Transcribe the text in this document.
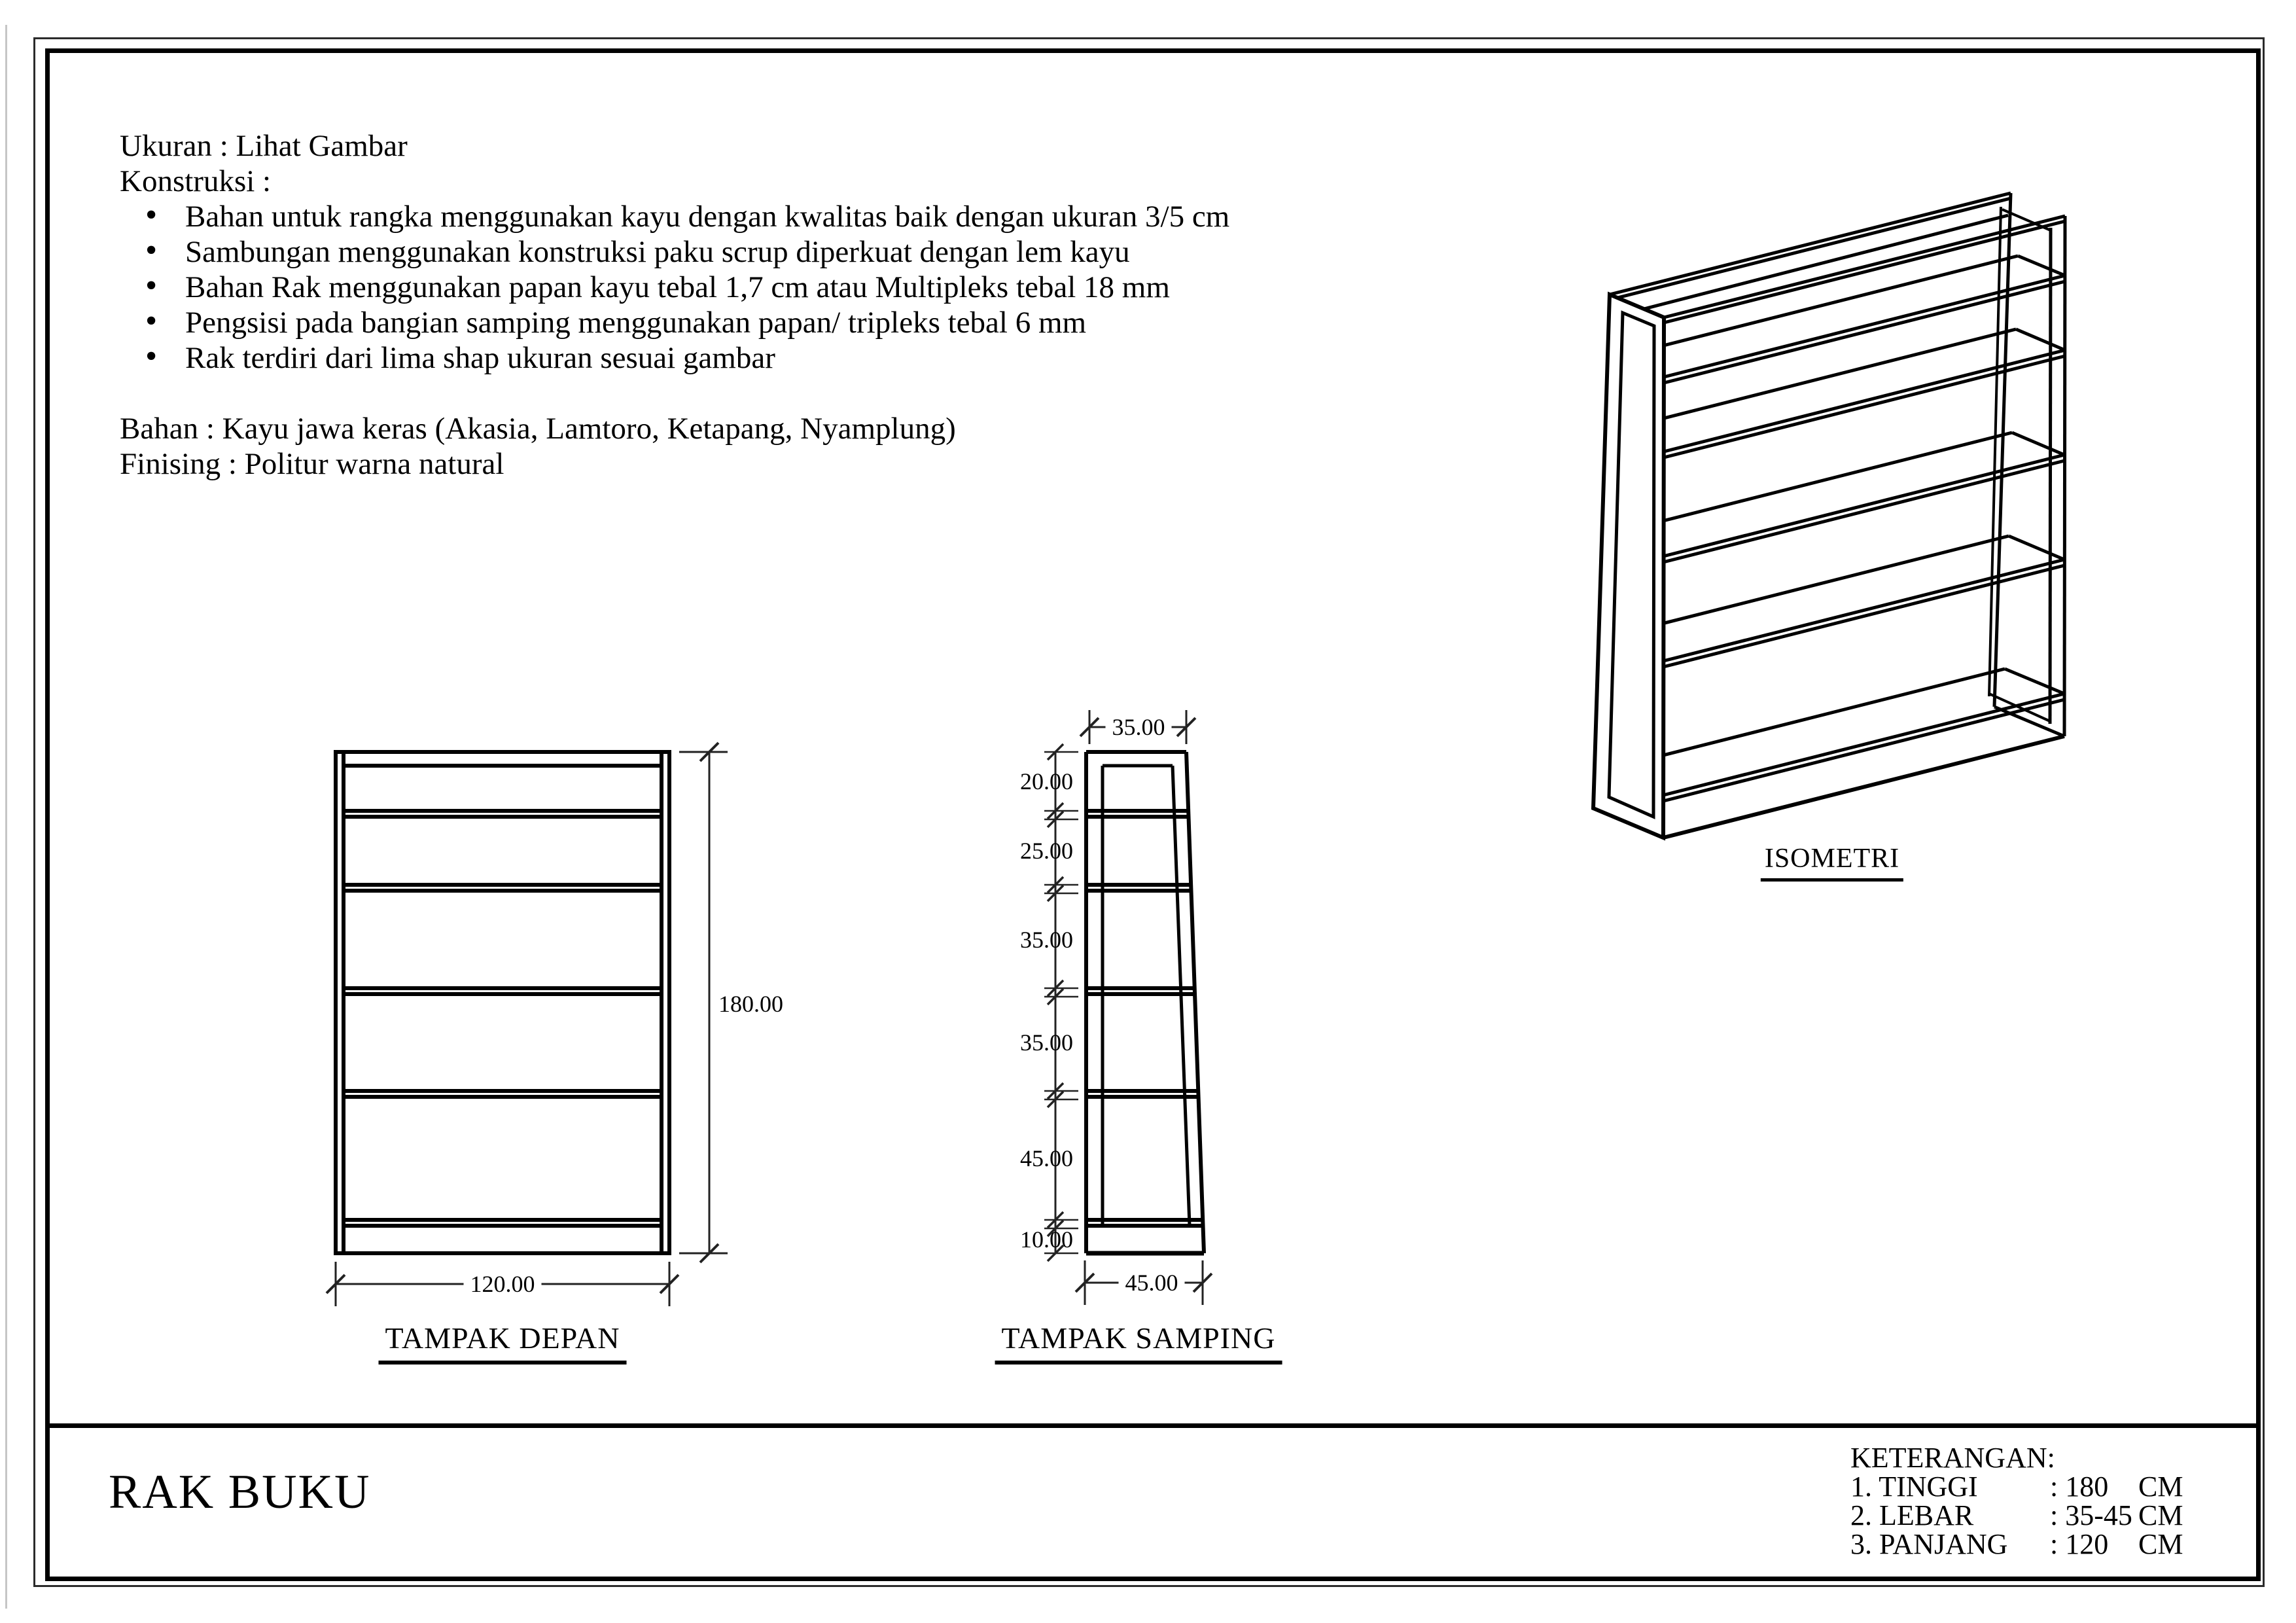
Ukuran : Lihat Gambar
Konstruksi :
• Bahan untuk rangka menggunakan kayu dengan kwalitas baik dengan ukuran 3/5 cm
• Sambungan menggunakan konstruksi paku scrup diperkuat dengan lem kayu
• Bahan Rak menggunakan papan kayu tebal 1,7 cm atau Multipleks tebal 18 mm
• Pengsisi pada bangian samping menggunakan papan/ tripleks tebal 6 mm
• Rak terdiri dari lima shap ukuran sesuai gambar
Bahan : Kayu jawa keras (Akasia, Lamtoro, Ketapang, Nyamplung)
Finising : Politur warna natural
120.00
180.00
35.00
45.00
20.00
25.00
35.00
35.00
45.00
10.00
TAMPAK DEPAN	TAMPAK SAMPING
ISOMETRI
RAK BUKU
KETERANGAN:
1. TINGGI	: 180	CM
2. LEBAR	: 35-45 CM
3. PANJANG	: 120	CM
